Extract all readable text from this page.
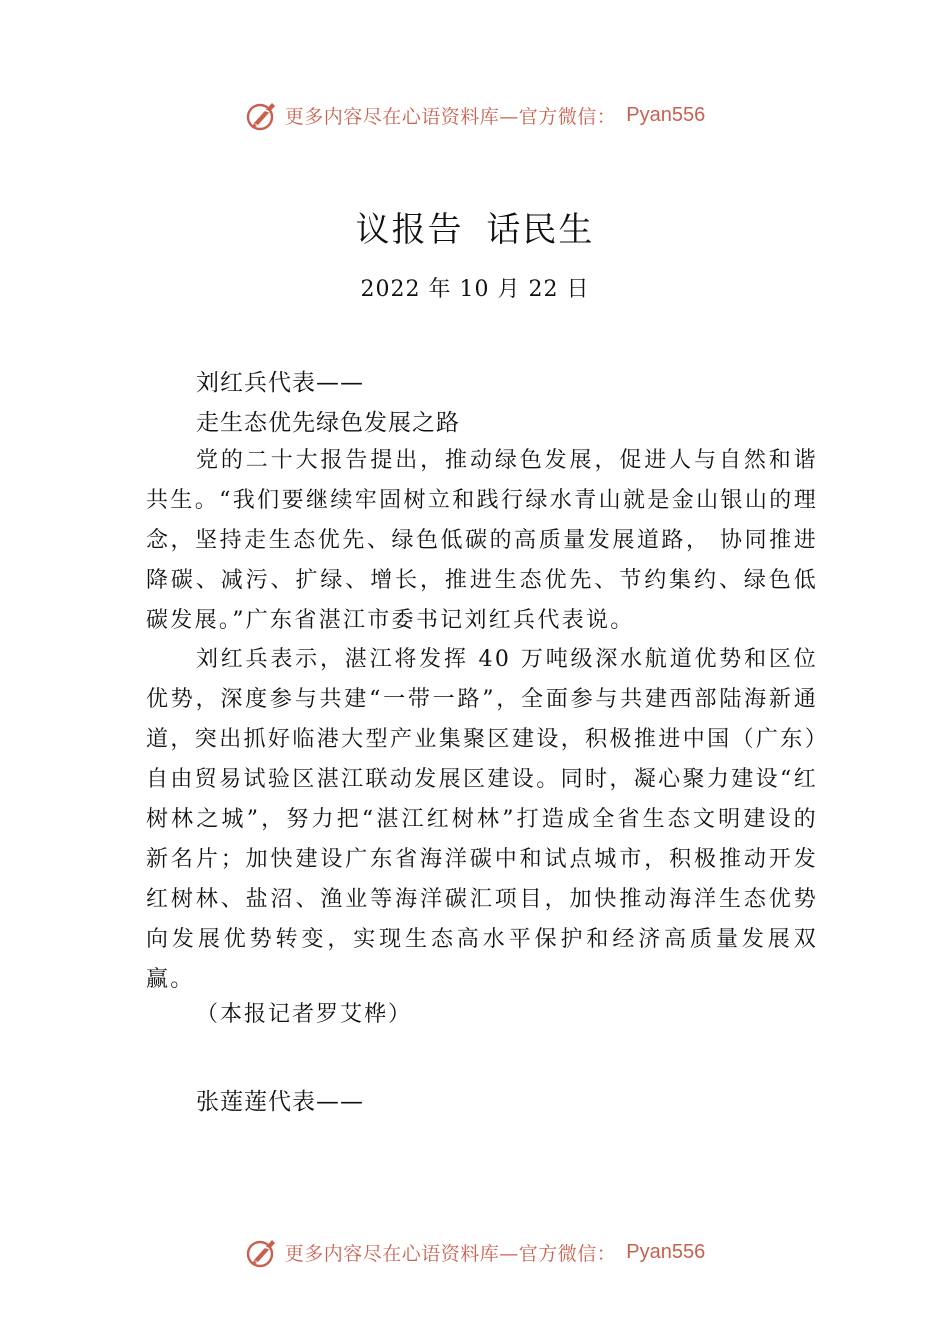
更多内容尽在心语资料库—官方微信： Pyan556
议报告 话民生
2022 年 10 月 22 日
刘红兵代表——
走生态优先绿色发展之路

党的二十大报告提出，推动绿色发展，促进人与自然和谐共生。“我们要继续牢固树立和践行绿水青山就是金山银山的理念，坚持走生态优先、绿色低碳的高质量发展道路， 协同推进降碳、减污、扩绿、增长，推进生态优先、节约集约、绿色低碳发展。”广东省湛江市委书记刘红兵代表说。

刘红兵表示，湛江将发挥 40 万吨级深水航道优势和区位优势，深度参与共建“一带一路”，全面参与共建西部陆海新通道，突出抓好临港大型产业集聚区建设，积极推进中国（广东）自由贸易试验区湛江联动发展区建设。同时，凝心聚力建设“红树林之城”，努力把“湛江红树林”打造成全省生态文明建设的新名片；加快建设广东省海洋碳中和试点城市，积极推动开发红树林、盐沼、渔业等海洋碳汇项目，加快推动海洋生态优势向发展优势转变，实现生态高水平保护和经济高质量发展双赢。

（本报记者罗艾桦）
张莲莲代表——
更多内容尽在心语资料库—官方微信： Pyan556
